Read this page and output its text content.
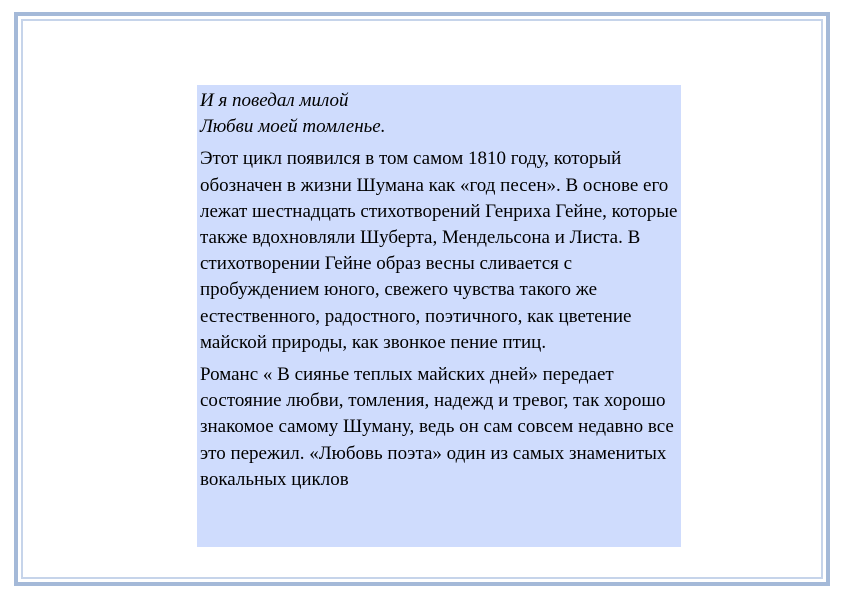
И я поведал милой
Любви моей томленье.

Этот цикл появился в том самом 1810 году, который обозначен в жизни Шумана как «год песен». В основе его лежат шестнадцать стихотворений Генриха Гейне, которые также вдохновляли Шуберта, Мендельсона и Листа. В стихотворении Гейне образ весны сливается с пробуждением юного, свежего чувства такого же естественного, радостного, поэтичного, как цветение майской природы, как звонкое пение птиц.

Романс « В сиянье теплых майских дней» передает состояние любви, томления, надежд и тревог, так хорошо знакомое самому Шуману, ведь он сам совсем недавно все это пережил. «Любовь поэта» один из самых знаменитых вокальных циклов
